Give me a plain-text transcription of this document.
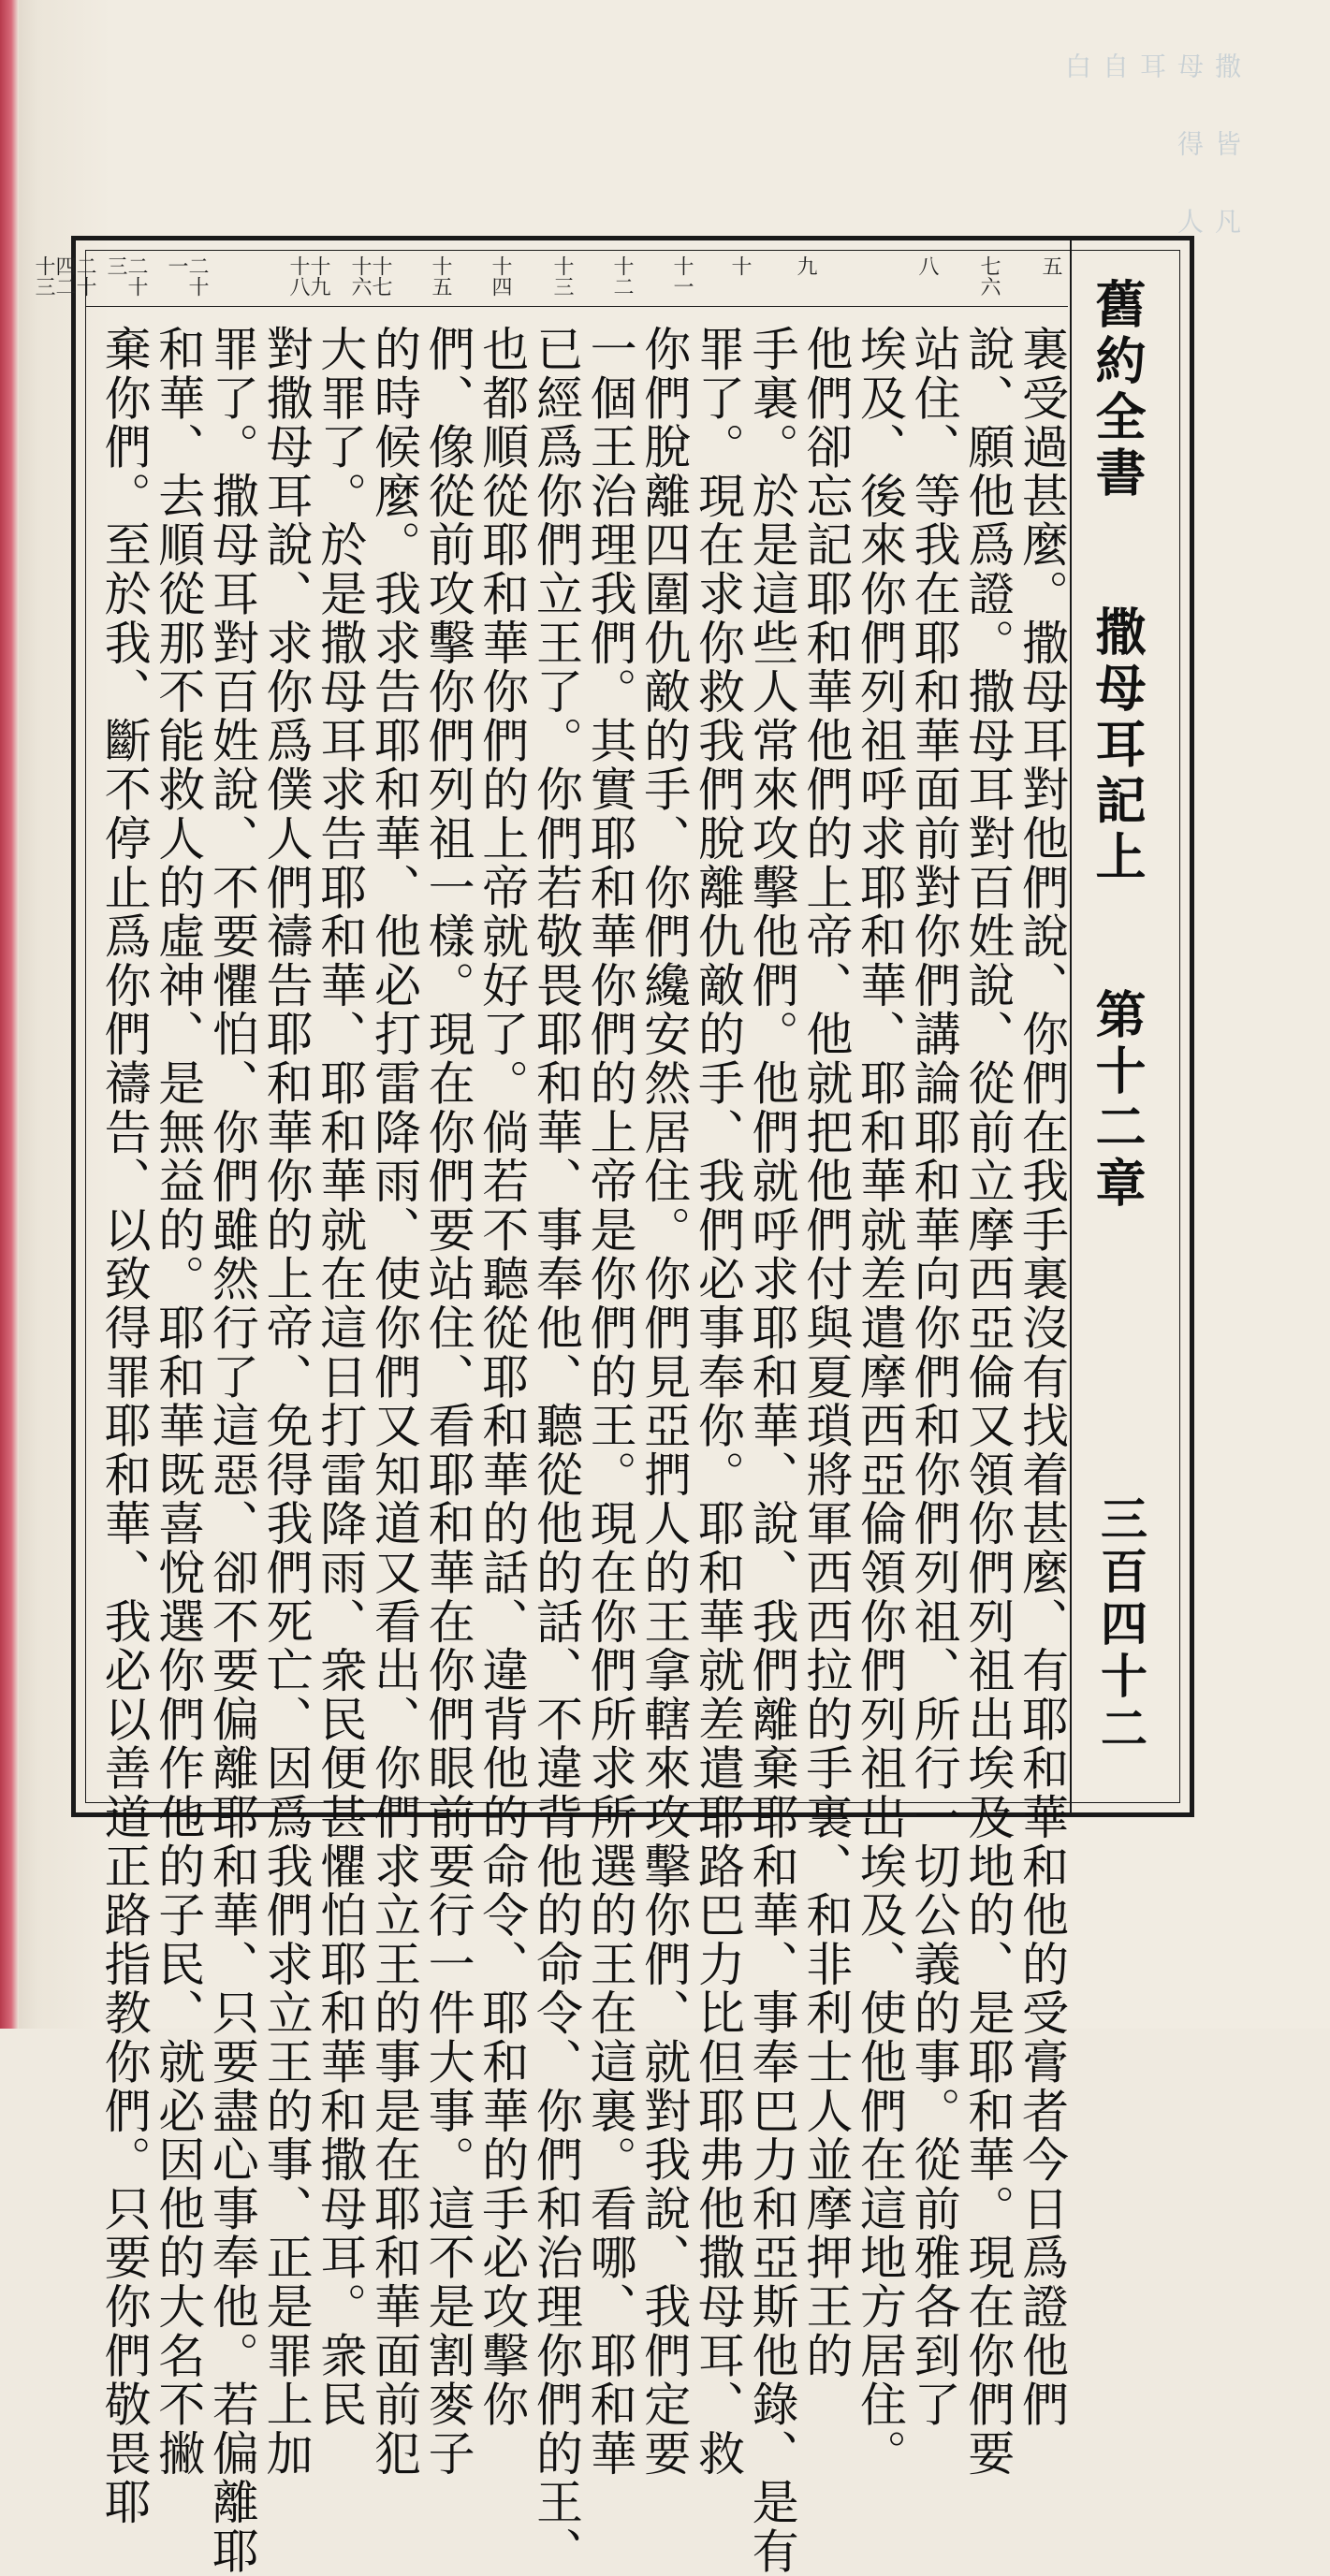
舊約全書  撒母耳記上  第十二章
三百四十二
五
七六
八
九
十
十一
十二
十三
十四
十五
十七十六
十九十八
二十一
二十三
二十四二十三
裏受過甚麼。撒母耳對他們說、你們在我手裏沒有找着甚麼、有耶和華和他的受膏者今日爲證他們
說、願他爲證。撒母耳對百姓說、從前立摩西亞倫又領你們列祖出埃及地的、是耶和華。現在你們要
站住、等我在耶和華面前對你們講論耶和華向你們和你們列祖、所行一切公義的事。從前雅各到了
埃及、後來你們列祖呼求耶和華、耶和華就差遣摩西亞倫領你們列祖出埃及、使他們在這地方居住。
他們卻忘記耶和華他們的上帝、他就把他們付與夏瑣將軍西西拉的手裏、和非利士人並摩押王的
手裏。於是這些人常來攻擊他們。他們就呼求耶和華、說、我們離棄耶和華、事奉巴力和亞斯他錄、是有
罪了。現在求你救我們脫離仇敵的手、我們必事奉你。耶和華就差遣耶路巴力比但耶弗他撒母耳、救
你們脫離四圍仇敵的手、你們纔安然居住。你們見亞捫人的王拿轄來攻擊你們、就對我說、我們定要
一個王治理我們。其實耶和華你們的上帝是你們的王。現在你們所求所選的王在這裏。看哪、耶和華
已經爲你們立王了。你們若敬畏耶和華、事奉他、聽從他的話、不違背他的命令、你們和治理你們的王、
也都順從耶和華你們的上帝就好了。倘若不聽從耶和華的話、違背他的命令、耶和華的手必攻擊你
們、像從前攻擊你們列祖一樣。現在你們要站住、看耶和華在你們眼前要行一件大事。這不是割麥子
的時候麼。我求告耶和華、他必打雷降雨、使你們又知道又看出、你們求立王的事是在耶和華面前犯
大罪了。於是撒母耳求告耶和華、耶和華就在這日打雷降雨、衆民便甚懼怕耶和華和撒母耳。衆民
對撒母耳說、求你爲僕人們禱告耶和華你的上帝、免得我們死亡、因爲我們求立王的事、正是罪上加
罪了。撒母耳對百姓說、不要懼怕、你們雖然行了這惡、卻不要偏離耶和華、只要盡心事奉他。若偏離耶
和華、去順從那不能救人的虛神、是無益的。耶和華既喜悅選你們作他的子民、就必因他的大名不撇
棄你們。至於我、斷不停止爲你們禱告、以致得罪耶和華、我必以善道正路指教你們。只要你們敬畏耶
凡人
皆得
撒母耳自白
